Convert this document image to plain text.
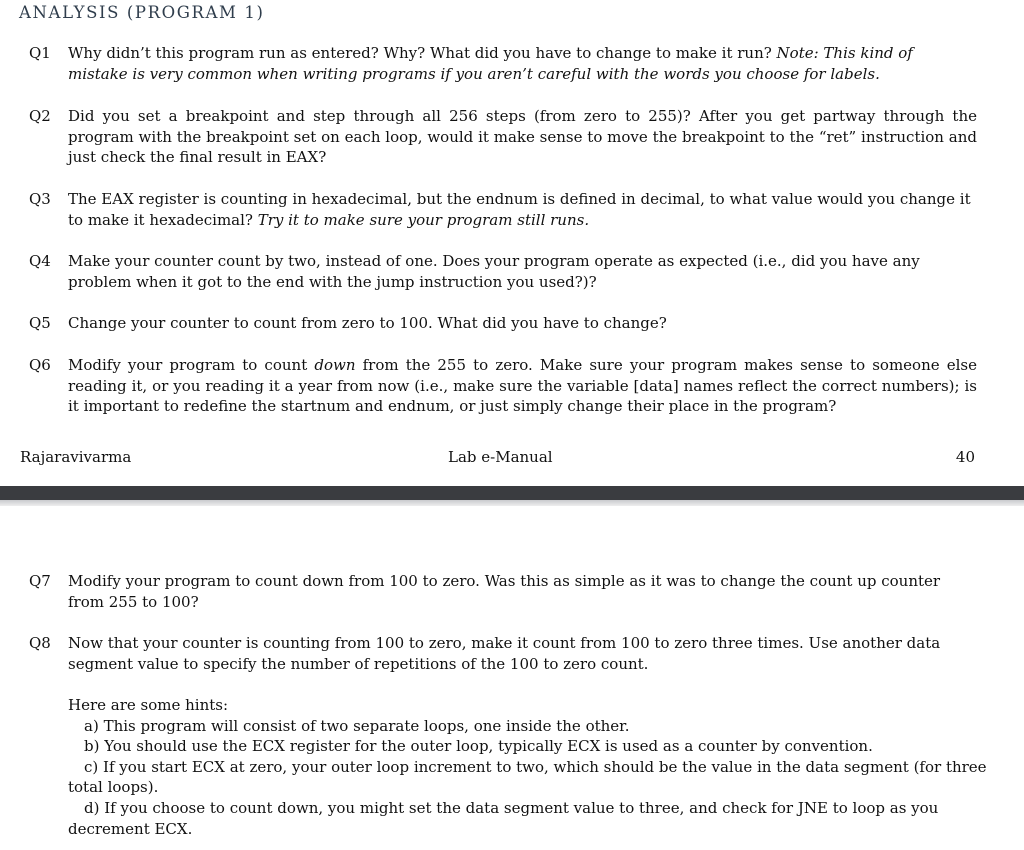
ANALYSIS (PROGRAM 1)
Q1 Why didn’t this program run as entered? Why? What did you have to change to make it run? Note: This kind of mistake is very common when writing programs if you aren’t careful with the words you choose for labels.
Q2 Did you set a breakpoint and step through all 256 steps (from zero to 255)? After you get partway through the program with the breakpoint set on each loop, would it make sense to move the breakpoint to the “ret” instruction and just check the final result in EAX?
Q3 The EAX register is counting in hexadecimal, but the endnum is defined in decimal, to what value would you change it to make it hexadecimal? Try it to make sure your program still runs.
Q4 Make your counter count by two, instead of one. Does your program operate as expected (i.e., did you have any problem when it got to the end with the jump instruction you used?)?
Q5 Change your counter to count from zero to 100. What did you have to change?
Q6 Modify your program to count down from the 255 to zero. Make sure your program makes sense to someone else reading it, or you reading it a year from now (i.e., make sure the variable [data] names reflect the correct numbers); is it important to redefine the startnum and endnum, or just simply change their place in the program?
Rajaravivarma	Lab e-Manual	40
Q7 Modify your program to count down from 100 to zero. Was this as simple as it was to change the count up counter from 255 to 100?
Q8 Now that your counter is counting from 100 to zero, make it count from 100 to zero three times. Use another data segment value to specify the number of repetitions of the 100 to zero count.
Here are some hints:
a) This program will consist of two separate loops, one inside the other.
b) You should use the ECX register for the outer loop, typically ECX is used as a counter by convention.
c) If you start ECX at zero, your outer loop increment to two, which should be the value in the data segment (for three
total loops).
d) If you choose to count down, you might set the data segment value to three, and check for JNE to loop as you
decrement ECX.
